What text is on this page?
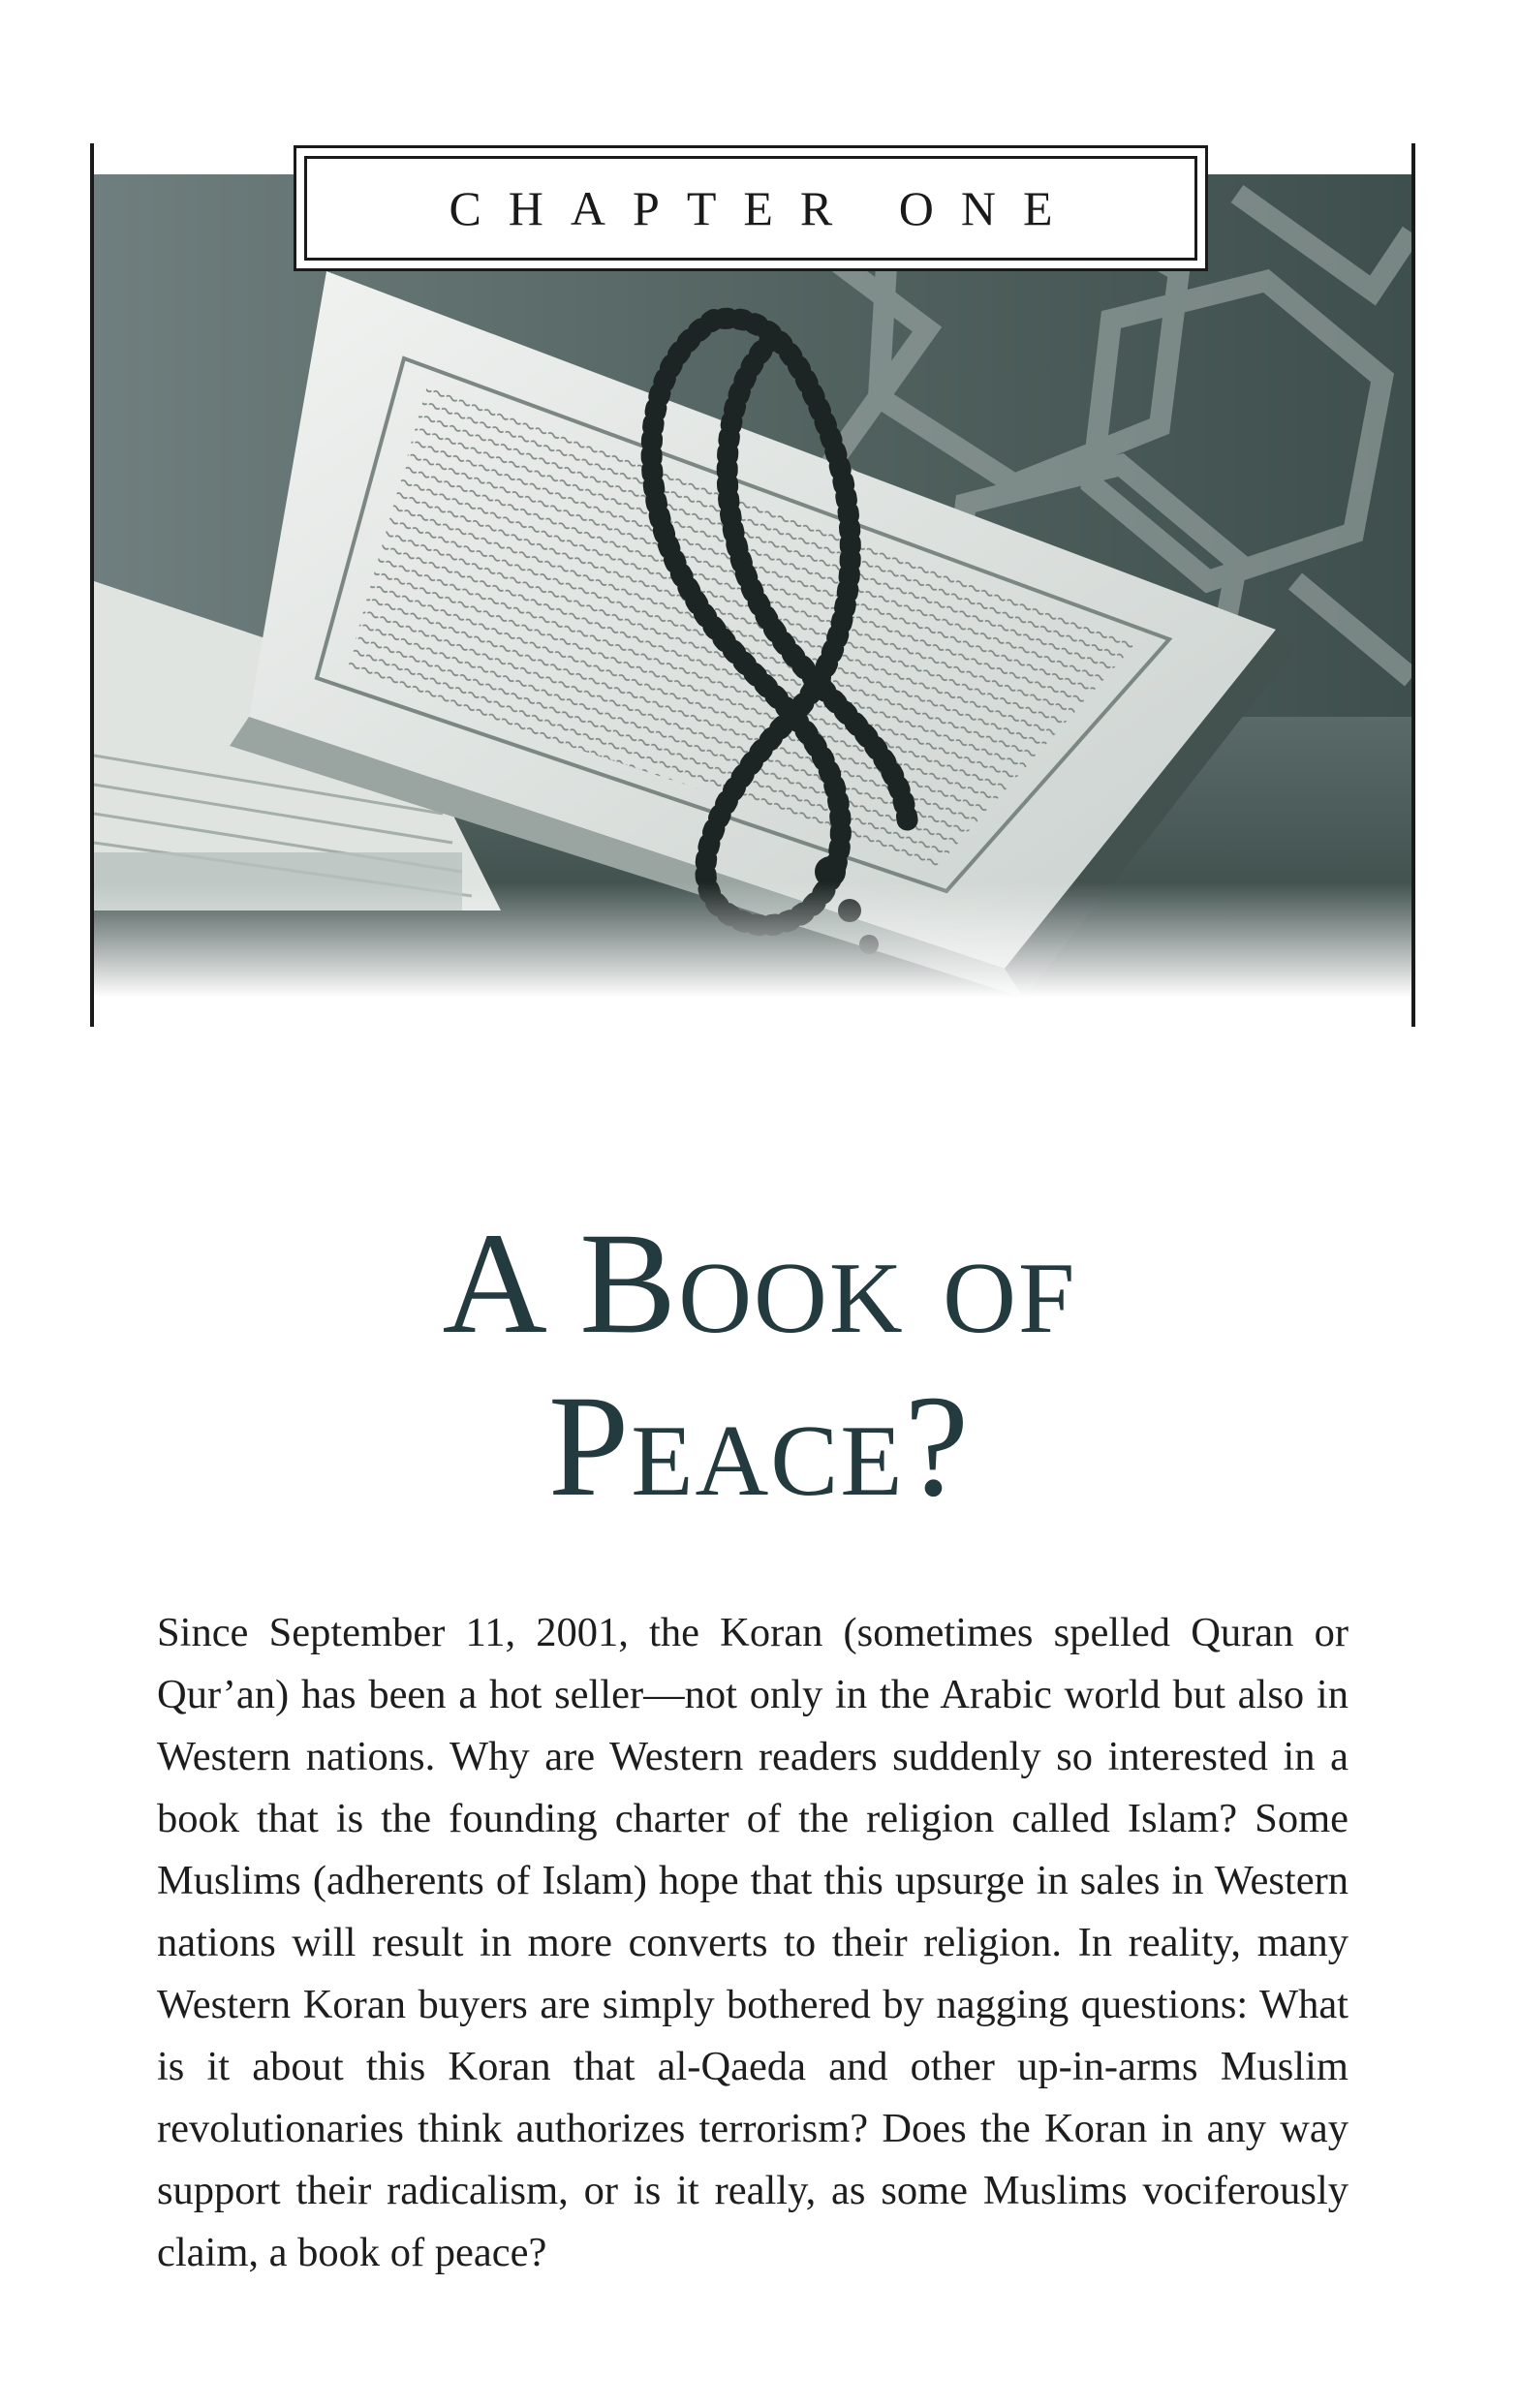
CHAPTER ONE
A Book of
Peace?

Since September 11, 2001, the Koran (sometimes spelled Quran or Qur’an) has been a hot seller—not only in the Arabic world but also in Western nations. Why are Western readers suddenly so interested in a book that is the founding charter of the religion called Islam? Some Muslims (adherents of Islam) hope that this upsurge in sales in Western nations will result in more converts to their religion. In reality, many Western Koran buyers are simply bothered by nagging questions: What is it about this Koran that al-Qaeda and other up-in-arms Muslim revolutionaries think authorizes terrorism? Does the Koran in any way support their radicalism, or is it really, as some Muslims vociferously claim, a book of peace?
